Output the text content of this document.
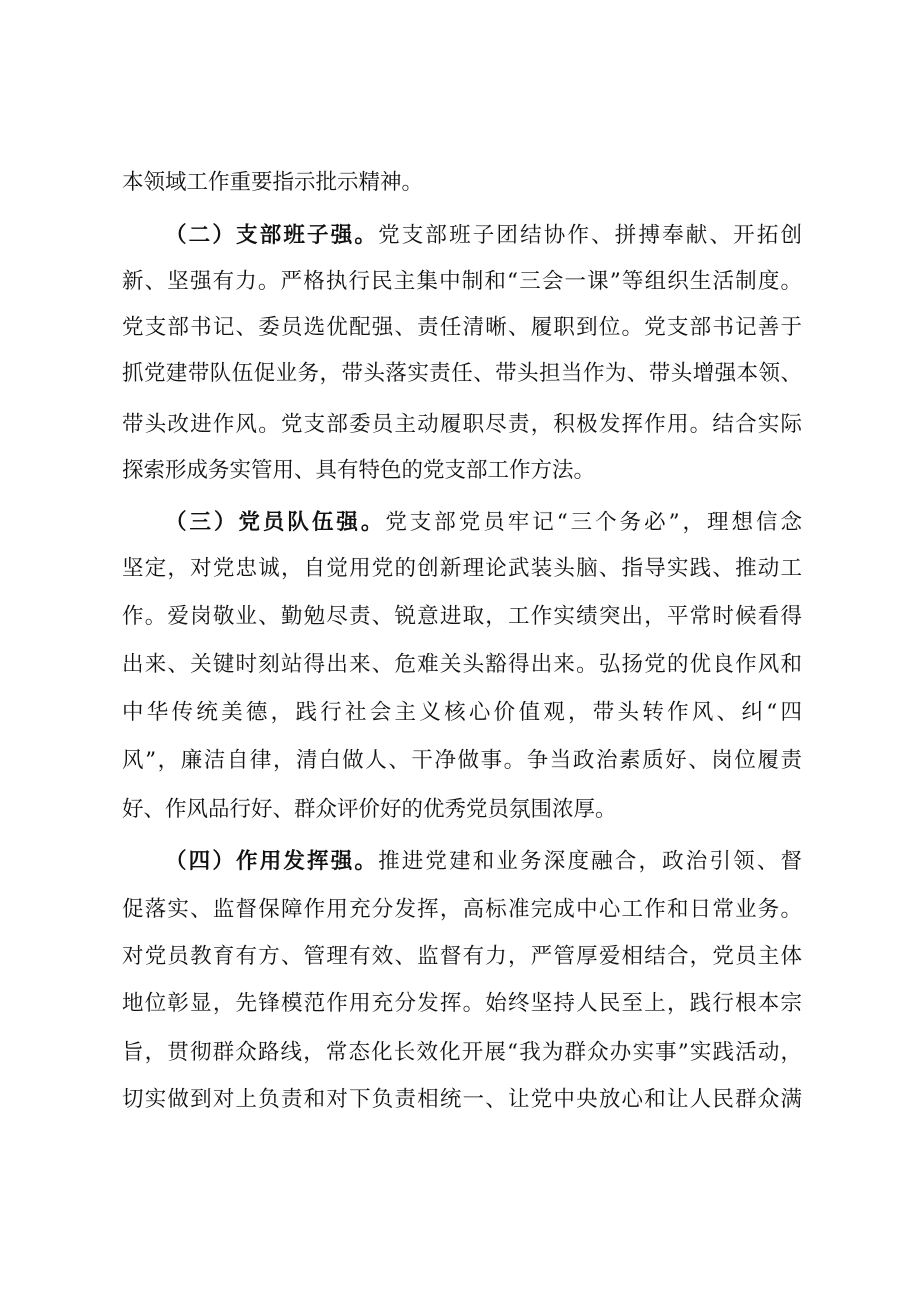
本领域工作重要指示批示精神。
（二）支部班子强。党支部班子团结协作、拼搏奉献、开拓创
新、坚强有力。严格执行民主集中制和“三会一课”等组织生活制度。
党支部书记、委员选优配强、责任清晰、履职到位。党支部书记善于
抓党建带队伍促业务，带头落实责任、带头担当作为、带头增强本领、
带头改进作风。党支部委员主动履职尽责，积极发挥作用。结合实际
探索形成务实管用、具有特色的党支部工作方法。
（三）党员队伍强。党支部党员牢记“三个务必”，理想信念
坚定，对党忠诚，自觉用党的创新理论武装头脑、指导实践、推动工
作。爱岗敬业、勤勉尽责、锐意进取，工作实绩突出，平常时候看得
出来、关键时刻站得出来、危难关头豁得出来。弘扬党的优良作风和
中华传统美德，践行社会主义核心价值观，带头转作风、纠“四
风”，廉洁自律，清白做人、干净做事。争当政治素质好、岗位履责
好、作风品行好、群众评价好的优秀党员氛围浓厚。
（四）作用发挥强。推进党建和业务深度融合，政治引领、督
促落实、监督保障作用充分发挥，高标准完成中心工作和日常业务。
对党员教育有方、管理有效、监督有力，严管厚爱相结合，党员主体
地位彰显，先锋模范作用充分发挥。始终坚持人民至上，践行根本宗
旨，贯彻群众路线，常态化长效化开展“我为群众办实事”实践活动，
切实做到对上负责和对下负责相统一、让党中央放心和让人民群众满
